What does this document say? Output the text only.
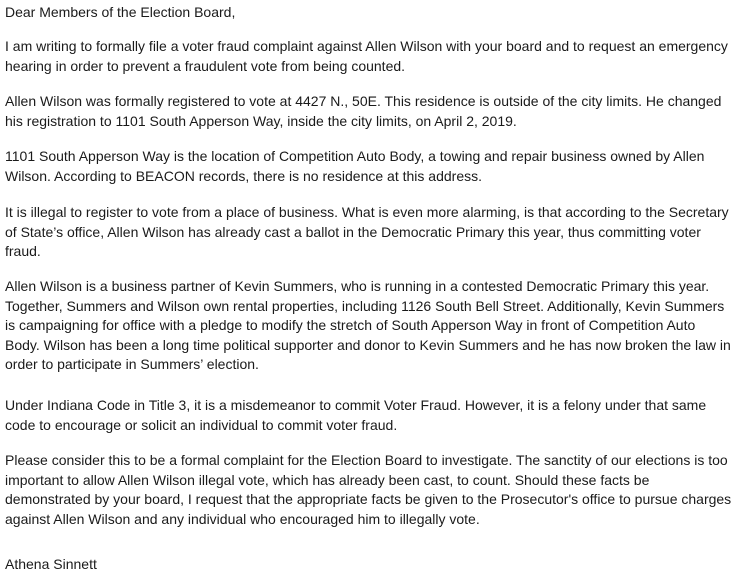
I am writing to formally file a voter fraud complaint against Allen Wilson with your board and to request an emergency
hearing in order to prevent a fraudulent vote from being counted.
Allen Wilson was formally registered to vote at 4427 N., 50E. This residence is outside of the city limits. He changed
his registration to 1101 South Apperson Way, inside the city limits, on April 2, 2019.
1101 South Apperson Way is the location of Competition Auto Body, a towing and repair business owned by Allen
Wilson. According to BEACON records, there is no residence at this address.
It is illegal to register to vote from a place of business. What is even more alarming, is that according to the Secretary
of State’s office, Allen Wilson has already cast a ballot in the Democratic Primary this year, thus committing voter
fraud.
Allen Wilson is a business partner of Kevin Summers, who is running in a contested Democratic Primary this year.
Together, Summers and Wilson own rental properties, including 1126 South Bell Street. Additionally, Kevin Summers
is campaigning for office with a pledge to modify the stretch of South Apperson Way in front of Competition Auto
Body. Wilson has been a long time political supporter and donor to Kevin Summers and he has now broken the law in
order to participate in Summers’ election.
Under Indiana Code in Title 3, it is a misdemeanor to commit Voter Fraud. However, it is a felony under that same
code to encourage or solicit an individual to commit voter fraud.
Please consider this to be a formal complaint for the Election Board to investigate. The sanctity of our elections is too
important to allow Allen Wilson illegal vote, which has already been cast, to count. Should these facts be
demonstrated by your board, I request that the appropriate facts be given to the Prosecutor's office to pursue charges
against Allen Wilson and any individual who encouraged him to illegally vote.
Dear Members of the Election Board,
Athena Sinnett
